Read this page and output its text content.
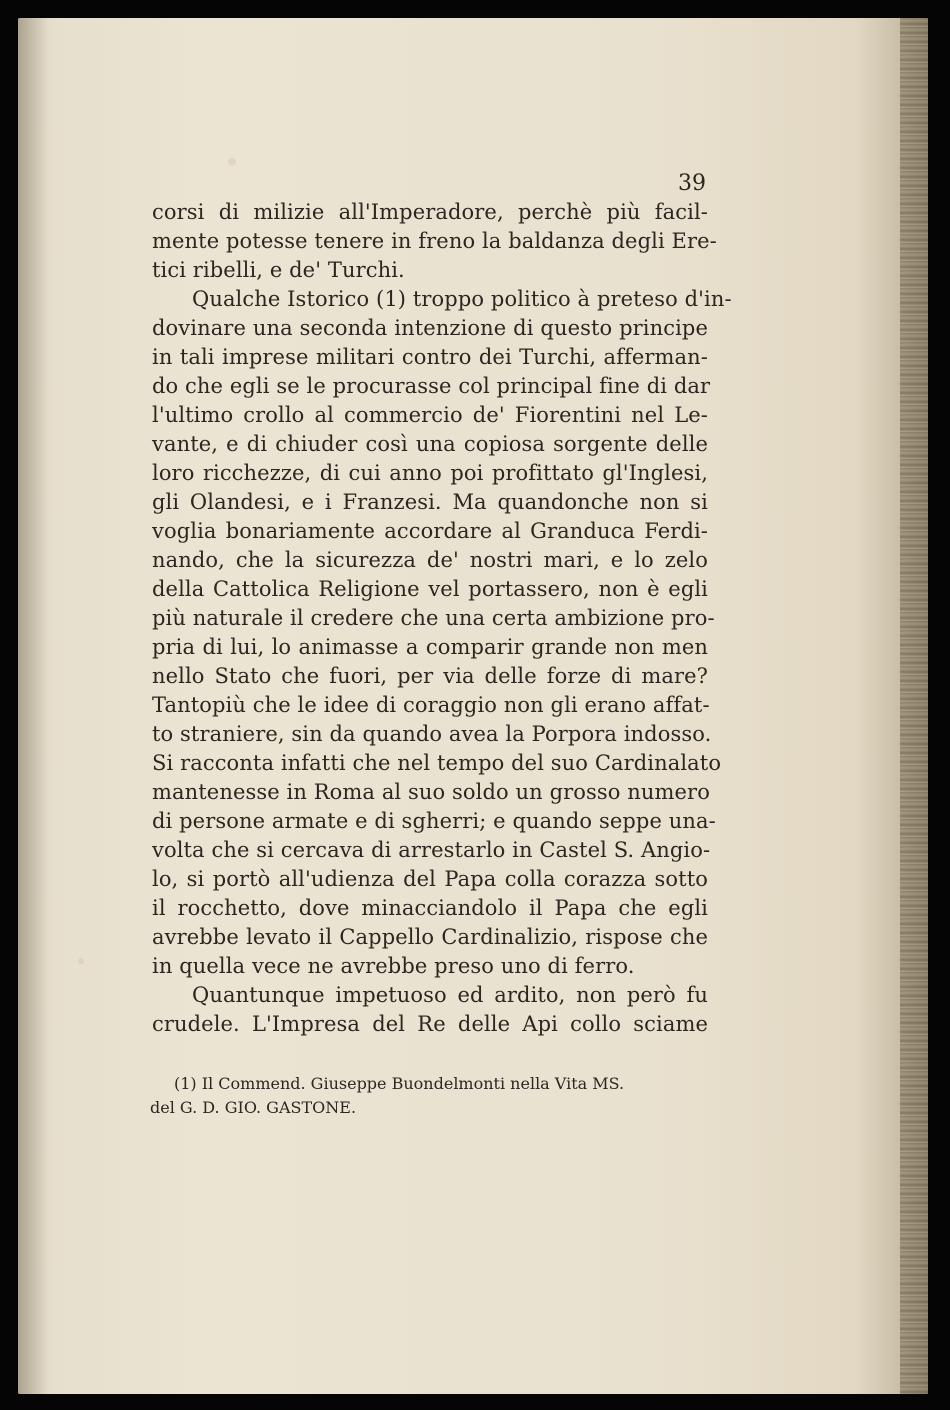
39
corsi di milizie all'Imperadore, perchè più facil-
mente potesse tenere in freno la baldanza degli Ere-
tici ribelli, e de' Turchi.
Qualche Istorico (1) troppo politico à preteso d'in-
dovinare una seconda intenzione di questo principe
in tali imprese militari contro dei Turchi, afferman-
do che egli se le procurasse col principal fine di dar
l'ultimo crollo al commercio de' Fiorentini nel Le-
vante, e di chiuder così una copiosa sorgente delle
loro ricchezze, di cui anno poi profittato gl'Inglesi,
gli Olandesi, e i Franzesi. Ma quandonche non si
voglia bonariamente accordare al Granduca Ferdi-
nando, che la sicurezza de' nostri mari, e lo zelo
della Cattolica Religione vel portassero, non è egli
più naturale il credere che una certa ambizione pro-
pria di lui, lo animasse a comparir grande non men
nello Stato che fuori, per via delle forze di mare?
Tantopiù che le idee di coraggio non gli erano affat-
to straniere, sin da quando avea la Porpora indosso.
Si racconta infatti che nel tempo del suo Cardinalato
mantenesse in Roma al suo soldo un grosso numero
di persone armate e di sgherri; e quando seppe una-
volta che si cercava di arrestarlo in Castel S. Angio-
lo, si portò all'udienza del Papa colla corazza sotto
il rocchetto, dove minacciandolo il Papa che egli
avrebbe levato il Cappello Cardinalizio, rispose che
in quella vece ne avrebbe preso uno di ferro.
Quantunque impetuoso ed ardito, non però fu
crudele. L'Impresa del Re delle Api collo sciame
(1) Il Commend. Giuseppe Buondelmonti nella Vita MS.
del G. D. GIO. GASTONE.
